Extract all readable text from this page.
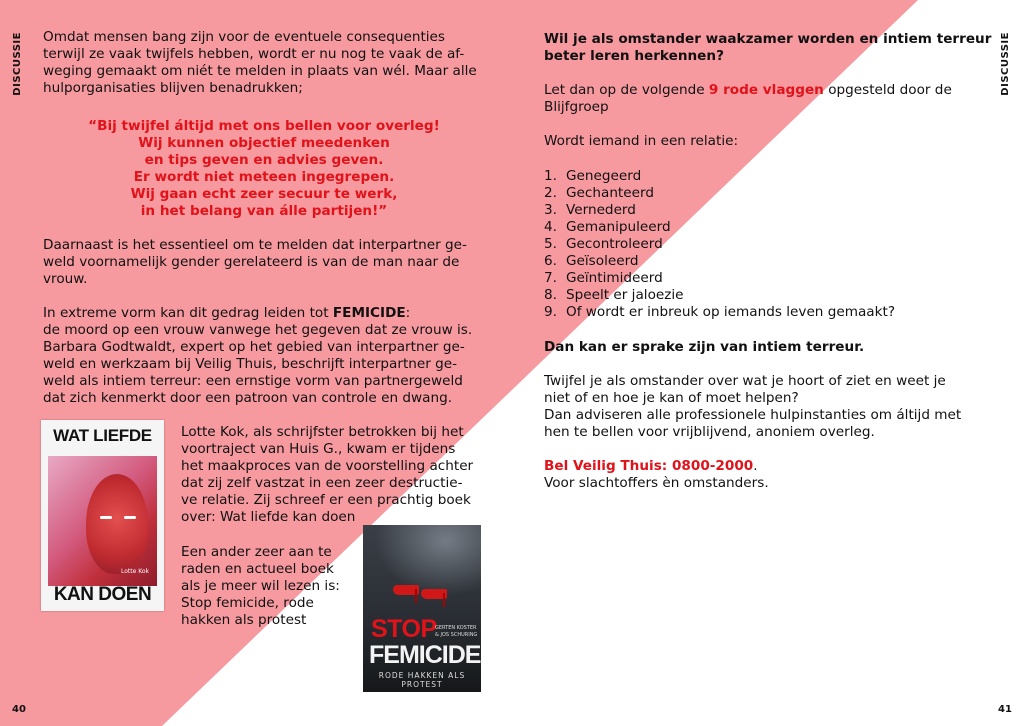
DISCUSSIE
40

Omdat mensen bang zijn voor de eventuele consequenties

terwijl ze vaak twijfels hebben, wordt er nu nog te vaak de af-

weging gemaakt om niét te melden in plaats van wél. Maar alle

hulporganisaties blijven benadrukken;

“Bij twijfel áltijd met ons bellen voor overleg!
Wij kunnen objectief meedenken
en tips geven en advies geven.
Er wordt niet meteen ingegrepen.
Wij gaan echt zeer secuur te werk,
in het belang van álle partijen!”

Daarnaast is het essentieel om te melden dat interpartner ge-

weld voornamelijk gender gerelateerd is van de man naar de

vrouw.

In extreme vorm kan dit gedrag leiden tot FEMICIDE:

de moord op een vrouw vanwege het gegeven dat ze vrouw is.

Barbara Godtwaldt, expert op het gebied van interpartner ge-

weld en werkzaam bij Veilig Thuis, beschrijft interpartner ge-

weld als intiem terreur: een ernstige vorm van partnergeweld

dat zich kenmerkt door een patroon van controle en dwang.

WAT LIEFDE
Lotte Kok
KAN DOEN

Lotte Kok, als schrijfster betrokken bij het

voortraject van Huis G., kwam er tijdens

het maakproces van de voorstelling achter

dat zij zelf vastzat in een zeer destructie-

ve relatie. Zij schreef er een prachtig boek

over: Wat liefde kan doen

Een ander zeer aan te

raden en actueel boek

als je meer wil lezen is:

Stop femicide, rode

hakken als protest	STOP
GERTEN KOSTER
& JOS SCHURING
FEMICIDE
RODE HAKKEN ALS PROTEST
DISCUSSIE
41

Wil je als omstander waakzamer worden en intiem terreur

beter leren herkennen?

Let dan op de volgende 9 rode vlaggen opgesteld door de

Blijfgroep

Wordt iemand in een relatie:

1. Genegeerd
2. Gechanteerd
3. Vernederd
4. Gemanipuleerd
5. Gecontroleerd
6. Geïsoleerd
7. Geïntimideerd
8. Speelt er jaloezie
9. Of wordt er inbreuk op iemands leven gemaakt?

Dan kan er sprake zijn van intiem terreur.

Twijfel je als omstander over wat je hoort of ziet en weet je

niet of en hoe je kan of moet helpen?

Dan adviseren alle professionele hulpinstanties om áltijd met

hen te bellen voor vrijblijvend, anoniem overleg.

Bel Veilig Thuis: 0800-2000.

Voor slachtoffers èn omstanders.
